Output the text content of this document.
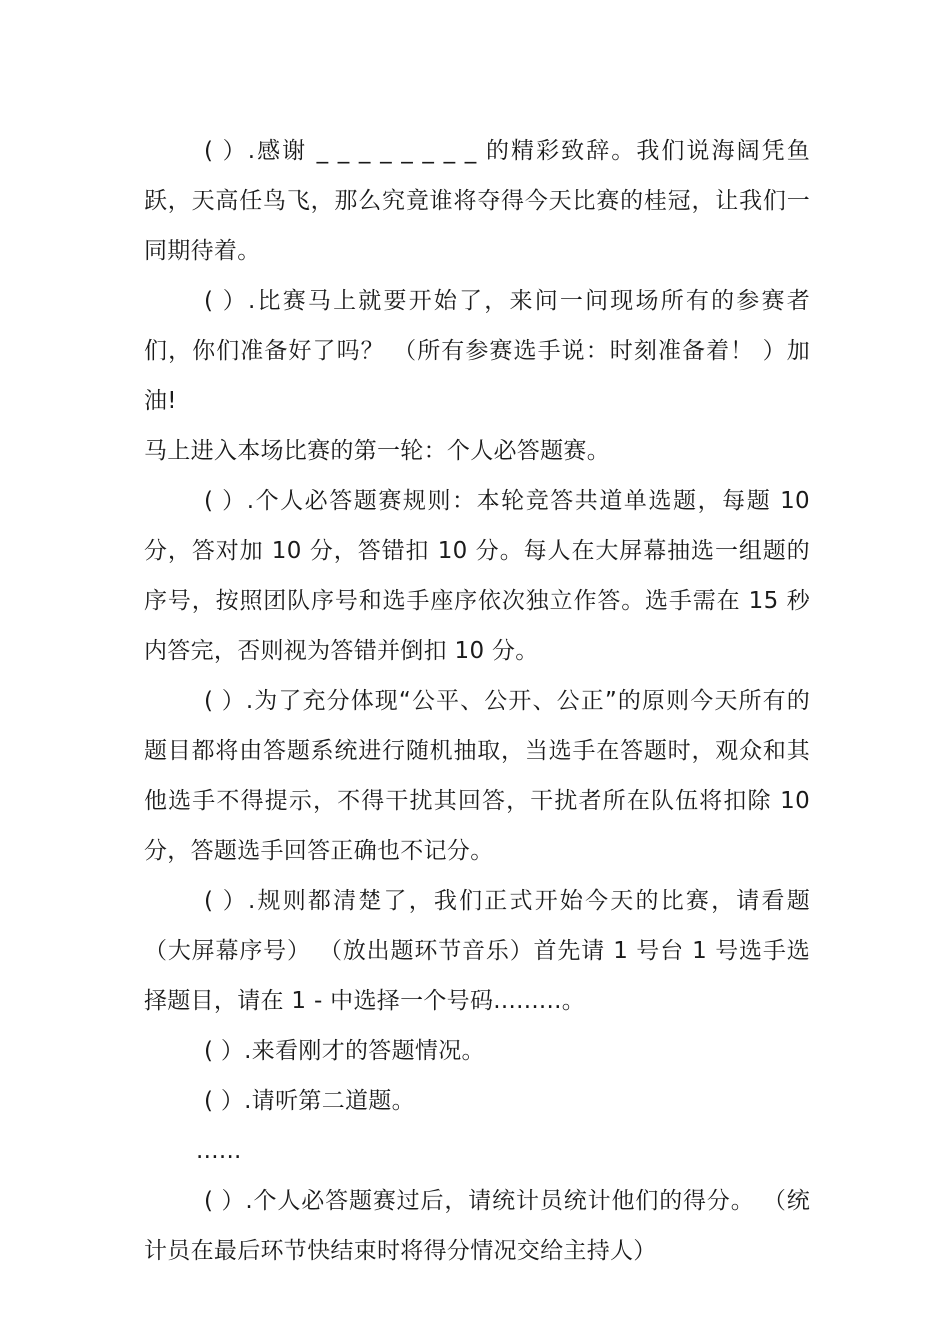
( ）.感谢 _ _ _ _ _ _ _ _ 的精彩致辞。我们说海阔凭鱼跃，天高任鸟飞，那么究竟谁将夺得今天比赛的桂冠，让我们一同期待着。

( ）.比赛马上就要开始了，来问一问现场所有的参赛者们，你们准备好了吗？ （所有参赛选手说：时刻准备着！ ）加油!

马上进入本场比赛的第一轮：个人必答题赛。

( ）.个人必答题赛规则：本轮竞答共道单选题，每题 10 分，答对加 10 分，答错扣 10 分。每人在大屏幕抽选一组题的序号，按照团队序号和选手座序依次独立作答。选手需在 15 秒内答完，否则视为答错并倒扣 10 分。

( ）.为了充分体现“公平、公开、公正”的原则今天所有的题目都将由答题系统进行随机抽取，当选手在答题时，观众和其他选手不得提示，不得干扰其回答，干扰者所在队伍将扣除 10 分，答题选手回答正确也不记分。

( ）.规则都清楚了，我们正式开始今天的比赛，请看题 （大屏幕序号） （放出题环节音乐）首先请 1 号台 1 号选手选择题目，请在 1 - 中选择一个号码.........。

( ）.来看刚才的答题情况。

( ）.请听第二道题。

......

( ）.个人必答题赛过后，请统计员统计他们的得分。 （统计员在最后环节快结束时将得分情况交给主持人）
